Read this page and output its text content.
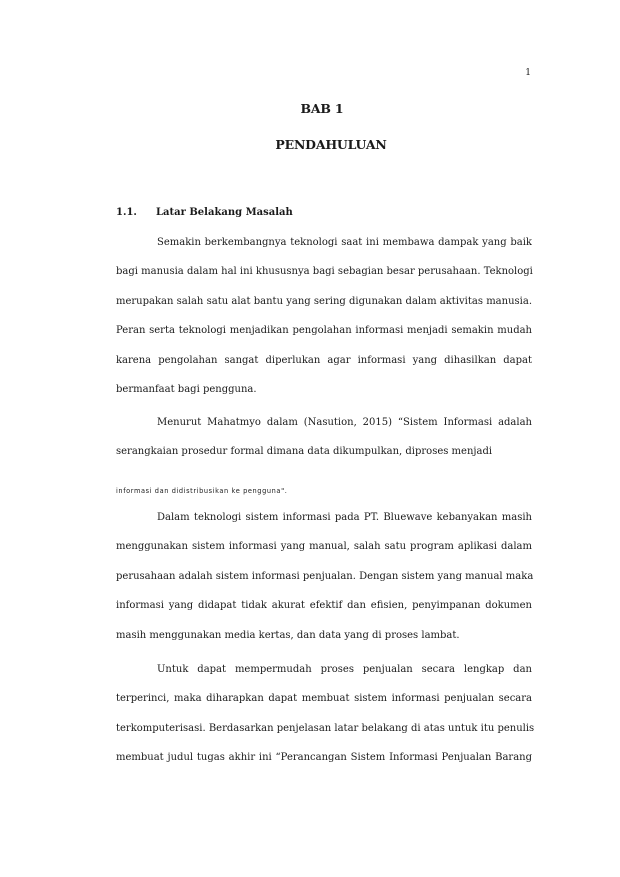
1
BAB 1
PENDAHULUAN
1.1.	Latar Belakang Masalah

Semakin berkembangnya teknologi saat ini membawa dampak yang baik
bagi manusia dalam hal ini khususnya bagi sebagian besar perusahaan. Teknologi
merupakan salah satu alat bantu yang sering digunakan dalam aktivitas manusia.
Peran serta teknologi menjadikan pengolahan informasi menjadi semakin mudah
karena pengolahan sangat diperlukan agar informasi yang dihasilkan dapat
bermanfaat bagi pengguna.

Menurut Mahatmyo dalam (Nasution, 2015) “Sistem Informasi adalah
serangkaian prosedur formal dimana data dikumpulkan, diproses menjadi

informasi dan didistribusikan ke pengguna".

Dalam teknologi sistem informasi pada PT. Bluewave kebanyakan masih
menggunakan sistem informasi yang manual, salah satu program aplikasi dalam
perusahaan adalah sistem informasi penjualan. Dengan sistem yang manual maka
informasi yang didapat tidak akurat efektif dan efisien, penyimpanan dokumen
masih menggunakan media kertas, dan data yang di proses lambat.

Untuk dapat mempermudah proses penjualan secara lengkap dan
terperinci, maka diharapkan dapat membuat sistem informasi penjualan secara
terkomputerisasi. Berdasarkan penjelasan latar belakang di atas untuk itu penulis
membuat judul tugas akhir ini “Perancangan Sistem Informasi Penjualan Barang
